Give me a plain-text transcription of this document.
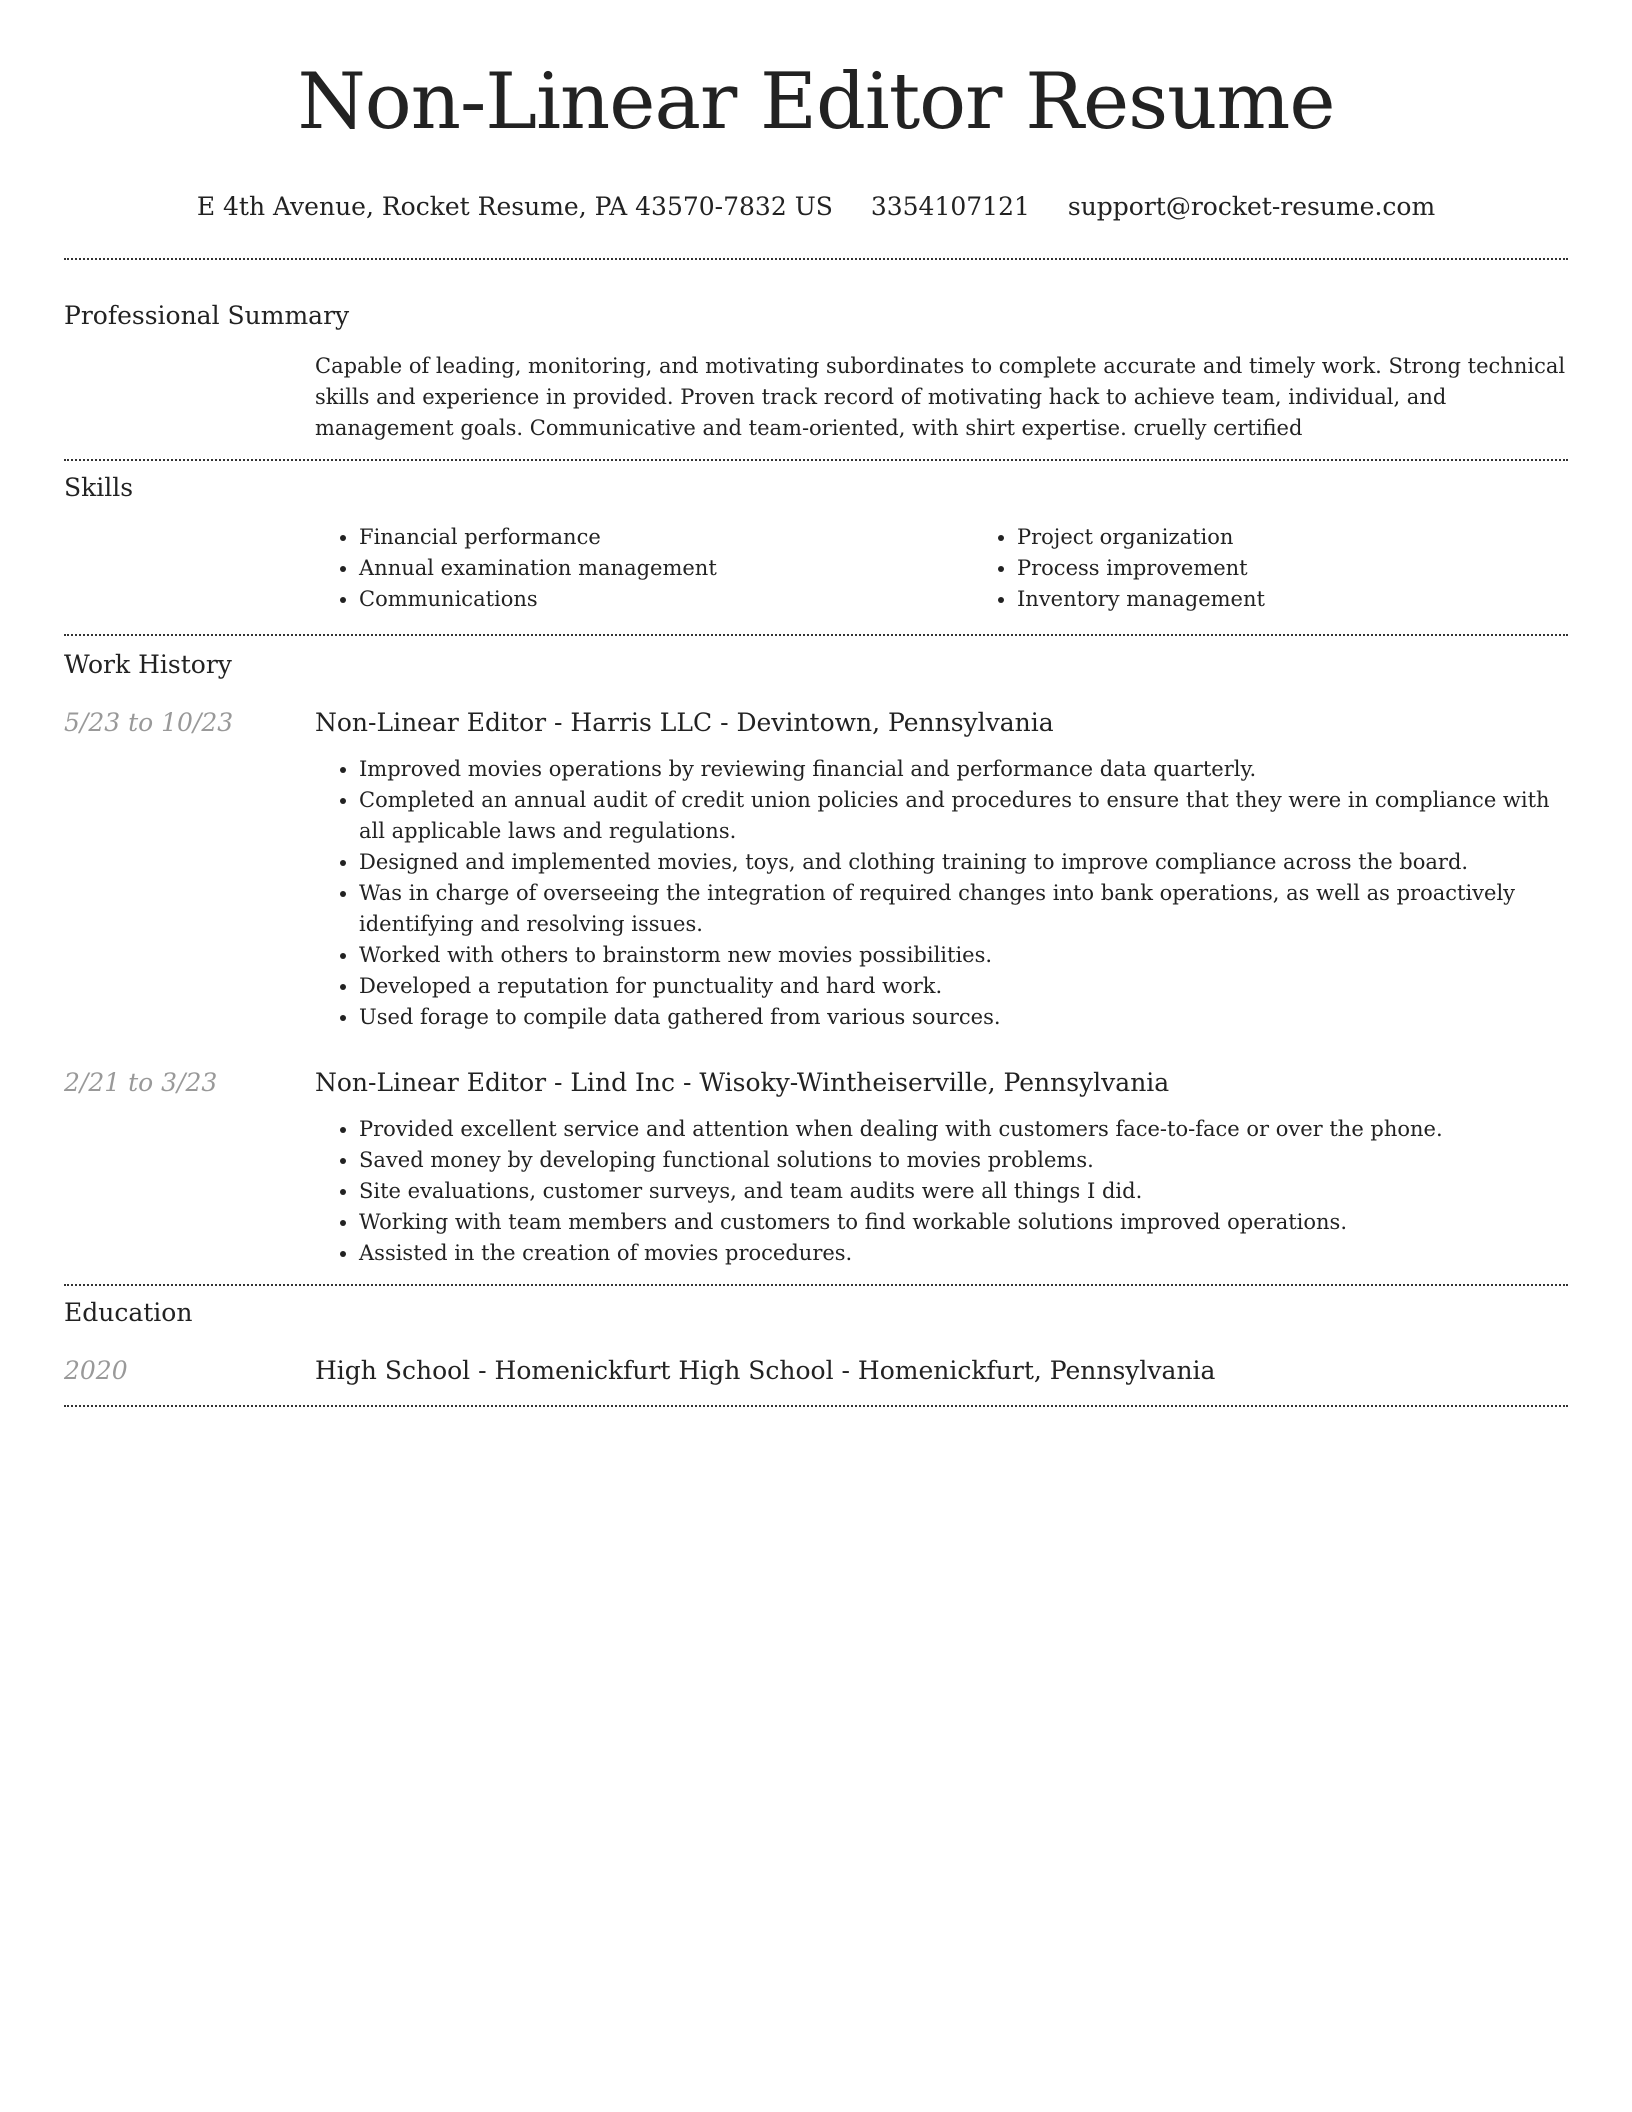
Non-Linear Editor Resume
E 4th Avenue, Rocket Resume, PA 43570-7832 US 3354107121 support@rocket-resume.com
Professional Summary

Capable of leading, monitoring, and motivating subordinates to complete accurate and timely work. Strong technical skills and experience in provided. Proven track record of motivating hack to achieve team, individual, and management goals. Communicative and team-oriented, with shirt expertise. cruelly certified

Skills
• Financial performance
• Annual examination management
• Communications
• Project organization
• Process improvement
• Inventory management
Work History
5/23 to 10/23	Non-Linear Editor - Harris LLC - Devintown, Pennsylvania
• Improved movies operations by reviewing financial and performance data quarterly.
• Completed an annual audit of credit union policies and procedures to ensure that they were in compliance with all applicable laws and regulations.
• Designed and implemented movies, toys, and clothing training to improve compliance across the board.
• Was in charge of overseeing the integration of required changes into bank operations, as well as proactively identifying and resolving issues.
• Worked with others to brainstorm new movies possibilities.
• Developed a reputation for punctuality and hard work.
• Used forage to compile data gathered from various sources.
2/21 to 3/23	Non-Linear Editor - Lind Inc - Wisoky-Wintheiserville, Pennsylvania
• Provided excellent service and attention when dealing with customers face-to-face or over the phone.
• Saved money by developing functional solutions to movies problems.
• Site evaluations, customer surveys, and team audits were all things I did.
• Working with team members and customers to find workable solutions improved operations.
• Assisted in the creation of movies procedures.
Education
2020	High School - Homenickfurt High School - Homenickfurt, Pennsylvania
